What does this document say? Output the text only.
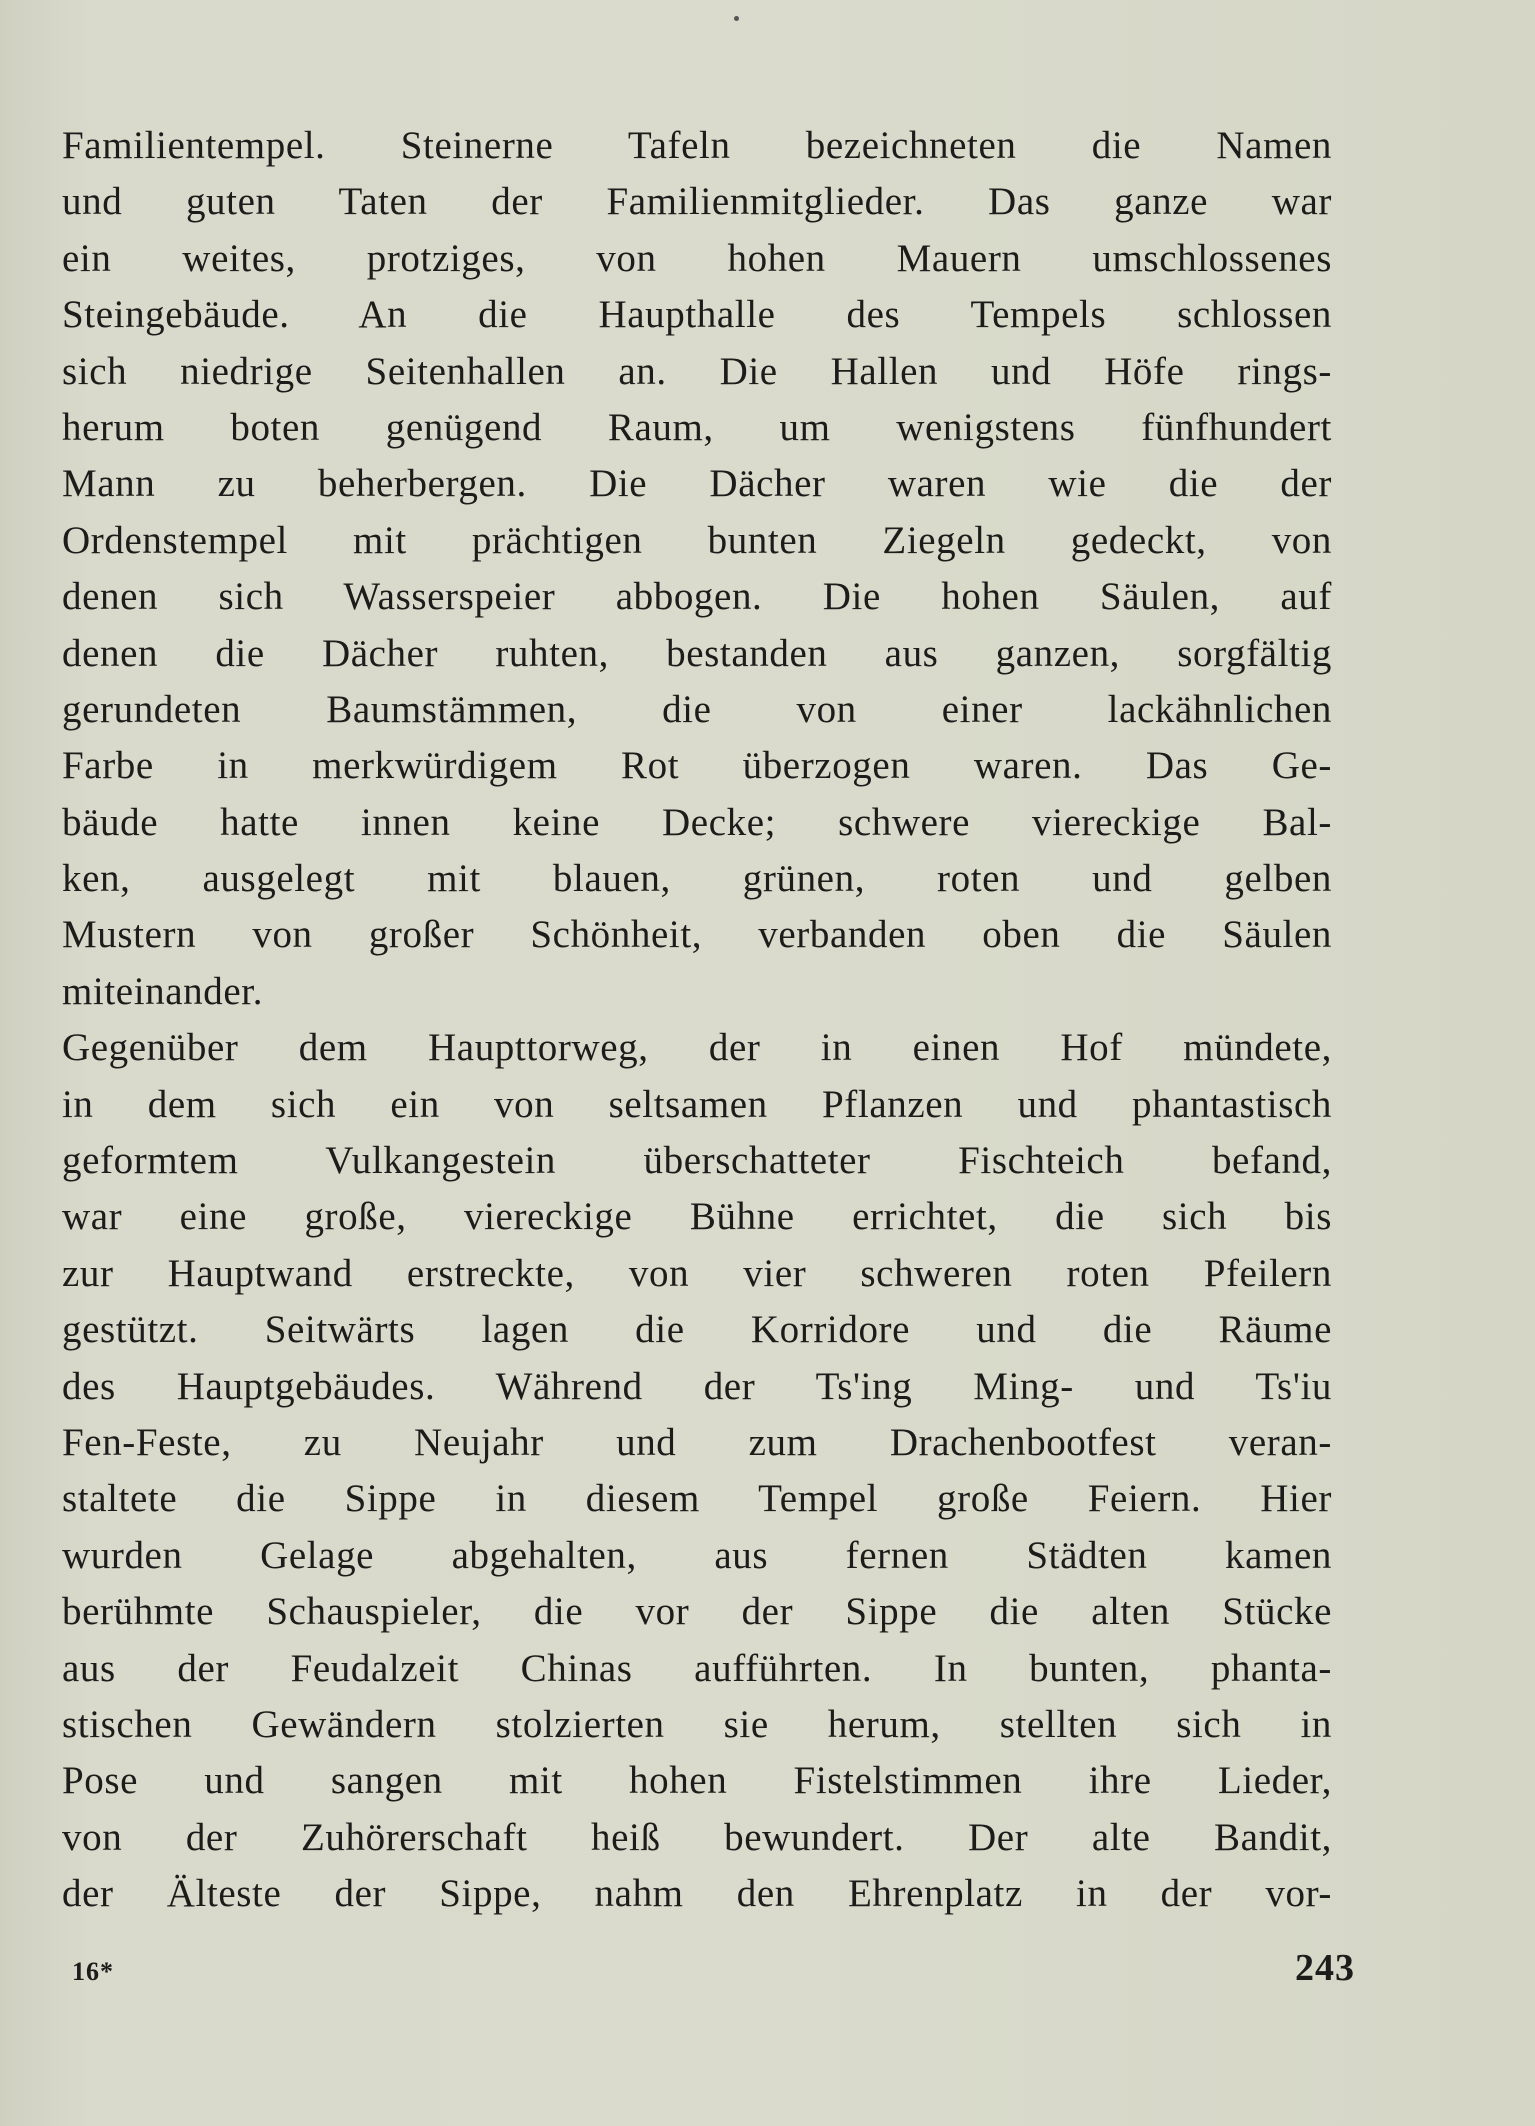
Familientempel. Steinerne Tafeln bezeichneten die Namen
und guten Taten der Familienmitglieder. Das ganze war
ein weites, protziges, von hohen Mauern umschlossenes
Steingebäude. An die Haupthalle des Tempels schlossen
sich niedrige Seitenhallen an. Die Hallen und Höfe rings-
herum boten genügend Raum, um wenigstens fünfhundert
Mann zu beherbergen. Die Dächer waren wie die der
Ordenstempel mit prächtigen bunten Ziegeln gedeckt, von
denen sich Wasserspeier abbogen. Die hohen Säulen, auf
denen die Dächer ruhten, bestanden aus ganzen, sorgfältig
gerundeten Baumstämmen, die von einer lackähnlichen
Farbe in merkwürdigem Rot überzogen waren. Das Ge-
bäude hatte innen keine Decke; schwere viereckige Bal-
ken, ausgelegt mit blauen, grünen, roten und gelben
Mustern von großer Schönheit, verbanden oben die Säulen
miteinander.
Gegenüber dem Haupttorweg, der in einen Hof mündete,
in dem sich ein von seltsamen Pflanzen und phantastisch
geformtem Vulkangestein überschatteter Fischteich befand,
war eine große, viereckige Bühne errichtet, die sich bis
zur Hauptwand erstreckte, von vier schweren roten Pfeilern
gestützt. Seitwärts lagen die Korridore und die Räume
des Hauptgebäudes. Während der Ts'ing Ming- und Ts'iu
Fen-Feste, zu Neujahr und zum Drachenbootfest veran-
staltete die Sippe in diesem Tempel große Feiern. Hier
wurden Gelage abgehalten, aus fernen Städten kamen
berühmte Schauspieler, die vor der Sippe die alten Stücke
aus der Feudalzeit Chinas aufführten. In bunten, phanta-
stischen Gewändern stolzierten sie herum, stellten sich in
Pose und sangen mit hohen Fistelstimmen ihre Lieder,
von der Zuhörerschaft heiß bewundert. Der alte Bandit,
der Älteste der Sippe, nahm den Ehrenplatz in der vor-
16*	243
